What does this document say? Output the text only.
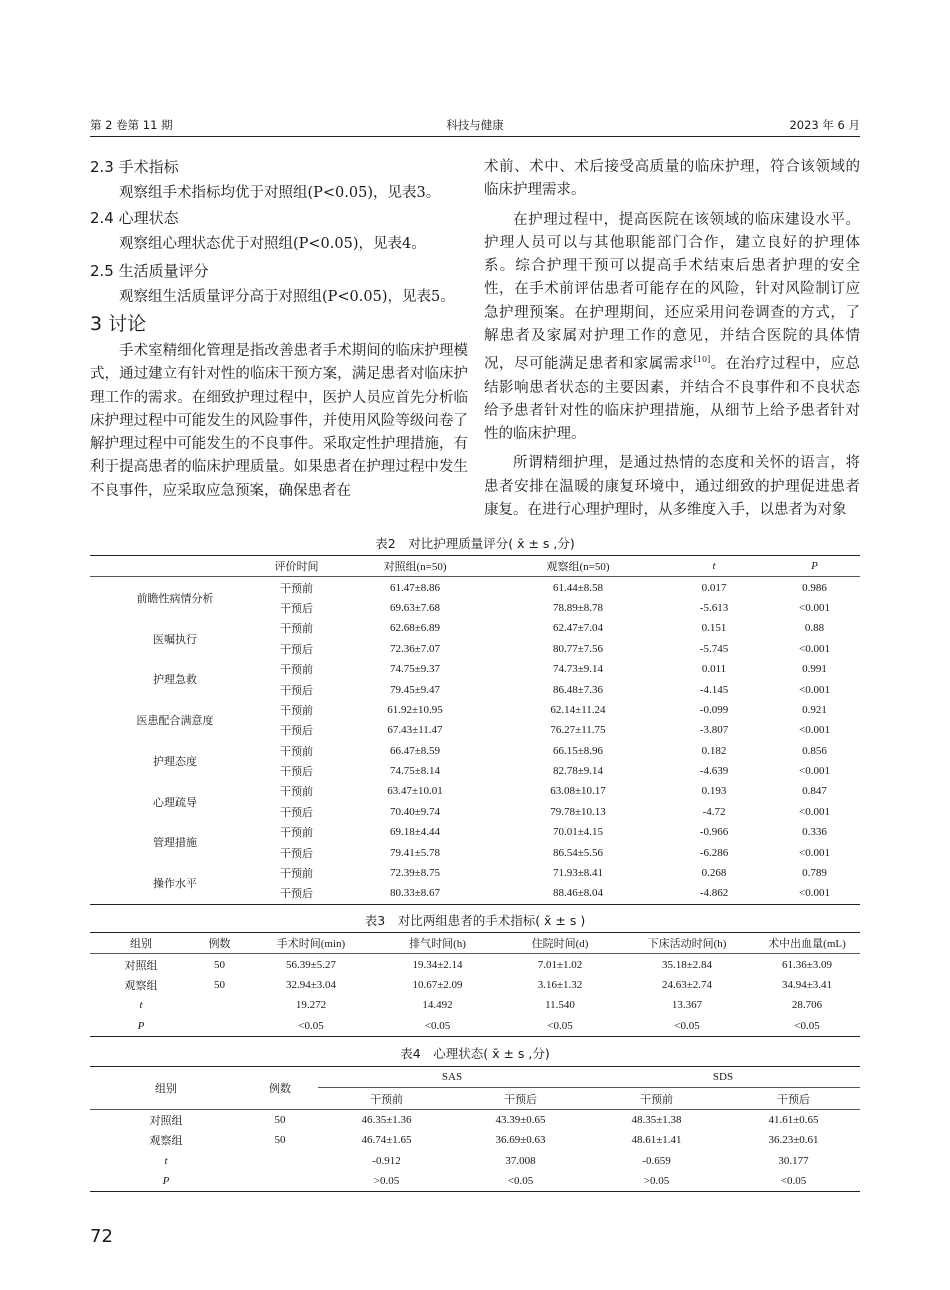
第 2 卷第 11 期	科技与健康	2023 年 6 月

2.3 手术指标

观察组手术指标均优于对照组(P<0.05)，见表3。

2.4 心理状态

观察组心理状态优于对照组(P<0.05)，见表4。

2.5 生活质量评分

观察组生活质量评分高于对照组(P<0.05)，见表5。

3 讨论

手术室精细化管理是指改善患者手术期间的临床护理模式，通过建立有针对性的临床干预方案，满足患者对临床护理工作的需求。在细致护理过程中，医护人员应首先分析临床护理过程中可能发生的风险事件，并使用风险等级问卷了解护理过程中可能发生的不良事件。采取定性护理措施，有利于提高患者的临床护理质量。如果患者在护理过程中发生不良事件，应采取应急预案，确保患者在

术前、术中、术后接受高质量的临床护理，符合该领域的临床护理需求。

在护理过程中，提高医院在该领域的临床建设水平。护理人员可以与其他职能部门合作，建立良好的护理体系。综合护理干预可以提高手术结束后患者护理的安全性，在手术前评估患者可能存在的风险，针对风险制订应急护理预案。在护理期间，还应采用问卷调查的方式，了解患者及家属对护理工作的意见，并结合医院的具体情况，尽可能满足患者和家属需求[10]。在治疗过程中，应总结影响患者状态的主要因素，并结合不良事件和不良状态给予患者针对性的临床护理措施，从细节上给予患者针对性的临床护理。

所谓精细护理，是通过热情的态度和关怀的语言，将患者安排在温暖的康复环境中，通过细致的护理促进患者康复。在进行心理护理时，从多维度入手，以患者为对象

表2　对比护理质量评分( x̄ ± s ,分)
	评价时间	对照组(n=50)	观察组(n=50)	t	P
前瞻性病情分析	干预前	61.47±8.86	61.44±8.58	0.017	0.986
	干预后	69.63±7.68	78.89±8.78	-5.613	<0.001
医嘱执行	干预前	62.68±6.89	62.47±7.04	0.151	0.88
	干预后	72.36±7.07	80.77±7.56	-5.745	<0.001
护理急救	干预前	74.75±9.37	74.73±9.14	0.011	0.991
	干预后	79.45±9.47	86.48±7.36	-4.145	<0.001
医患配合满意度	干预前	61.92±10.95	62.14±11.24	-0.099	0.921
	干预后	67.43±11.47	76.27±11.75	-3.807	<0.001
护理态度	干预前	66.47±8.59	66.15±8.96	0.182	0.856
	干预后	74.75±8.14	82.78±9.14	-4.639	<0.001
心理疏导	干预前	63.47±10.01	63.08±10.17	0.193	0.847
	干预后	70.40±9.74	79.78±10.13	-4.72	<0.001
管理措施	干预前	69.18±4.44	70.01±4.15	-0.966	0.336
	干预后	79.41±5.78	86.54±5.56	-6.286	<0.001
操作水平	干预前	72.39±8.75	71.93±8.41	0.268	0.789
	干预后	80.33±8.67	88.46±8.04	-4.862	<0.001
表3　对比两组患者的手术指标( x̄ ± s )
组别	例数	手术时间(min)	排气时间(h)	住院时间(d)	下床活动时间(h)	术中出血量(mL)
对照组	50	56.39±5.27	19.34±2.14	7.01±1.02	35.18±2.84	61.36±3.09
观察组	50	32.94±3.04	10.67±2.09	3.16±1.32	24.63±2.74	34.94±3.41
t		19.272	14.492	11.540	13.367	28.706
P		<0.05	<0.05	<0.05	<0.05	<0.05
表4　心理状态( x̄ ± s ,分)
组别	例数	SAS		SDS	
		干预前	干预后	干预前	干预后
对照组	50	46.35±1.36	43.39±0.65	48.35±1.38	41.61±0.65
观察组	50	46.74±1.65	36.69±0.63	48.61±1.41	36.23±0.61
t		-0.912	37.008	-0.659	30.177
P		>0.05	<0.05	>0.05	<0.05
72
